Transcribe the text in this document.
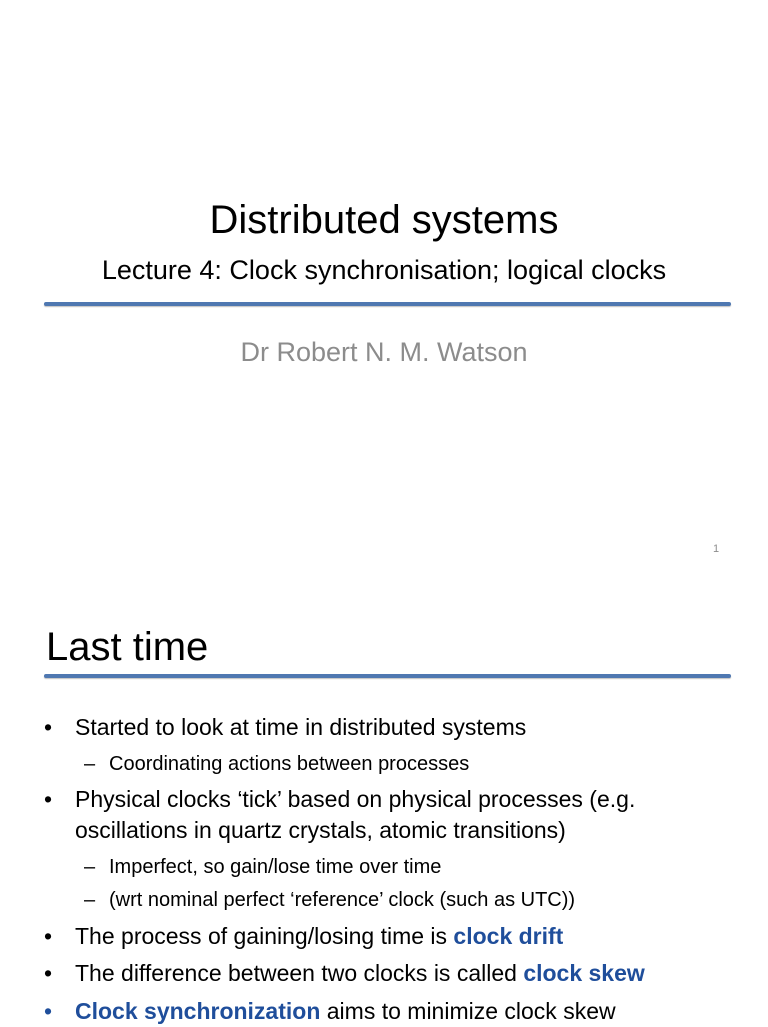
Distributed systems
Lecture 4: Clock synchronisation; logical clocks
Dr Robert N. M. Watson
1
Last time
• Started to look at time in distributed systems
– Coordinating actions between processes
• Physical clocks ‘tick’ based on physical processes (e.g.
oscillations in quartz crystals, atomic transitions)
– Imperfect, so gain/lose time over time
– (wrt nominal perfect ‘reference’ clock (such as UTC))
• The process of gaining/losing time is clock drift
• The difference between two clocks is called clock skew
• Clock synchronization aims to minimize clock skew
